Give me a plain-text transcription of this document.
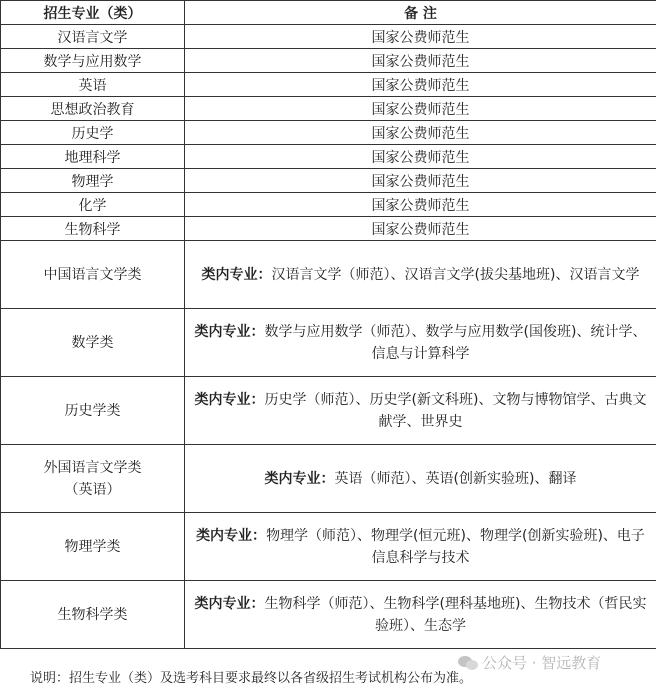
招生专业（类）	备 注
汉语言文学	国家公费师范生
数学与应用数学	国家公费师范生
英语	国家公费师范生
思想政治教育	国家公费师范生
历史学	国家公费师范生
地理科学	国家公费师范生
物理学	国家公费师范生
化学	国家公费师范生
生物科学	国家公费师范生
中国语言文学类	类内专业：汉语言文学（师范）、汉语言文学(拔尖基地班)、汉语言文学
数学类	类内专业：数学与应用数学（师范）、数学与应用数学(国俊班)、统计学、信息与计算科学
历史学类	类内专业：历史学（师范）、历史学(新文科班)、文物与博物馆学、古典文献学、世界史
外国语言文学类
（英语）	类内专业：英语（师范）、英语(创新实验班)、翻译
物理学类	类内专业：物理学（师范）、物理学(恒元班)、物理学(创新实验班)、电子信息科学与技术
生物科学类	类内专业：生物科学（师范）、生物科学(理科基地班)、生物技术（哲民实验班）、生态学
说明：招生专业（类）及选考科目要求最终以各省级招生考试机构公布为准。
公众号 · 智远教育
